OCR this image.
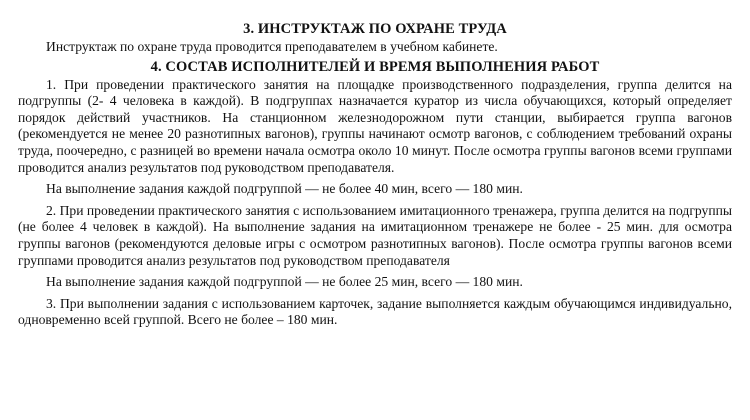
3. ИНСТРУКТАЖ ПО ОХРАНЕ ТРУДА

Инструктаж по охране труда проводится преподавателем в учебном кабинете.

4. СОСТАВ ИСПОЛНИТЕЛЕЙ И ВРЕМЯ ВЫПОЛНЕНИЯ РАБОТ

1. При проведении практического занятия на площадке производственного подразделения, группа делится на подгруппы (2- 4 человека в каждой). В подгруппах назначается куратор из числа обучающихся, который определяет порядок действий участников. На станционном железнодорожном пути станции, выбирается группа вагонов (рекомендуется не менее 20 разнотипных вагонов), группы начинают осмотр вагонов, с соблюдением требований охраны труда, поочередно, с разницей во времени начала осмотра около 10 минут. После осмотра группы вагонов всеми группами проводится анализ результатов под руководством преподавателя.

На выполнение задания каждой подгруппой — не более 40 мин, всего — 180 мин.

2. При проведении практического занятия с использованием имитационного тренажера, группа делится на подгруппы (не более 4 человек в каждой). На выполнение задания на имитационном тренажере не более - 25 мин. для осмотра группы вагонов (рекомендуются деловые игры с осмотром разнотипных вагонов). После осмотра группы вагонов всеми группами проводится анализ результатов под руководством преподавателя

На выполнение задания каждой подгруппой — не более 25 мин, всего — 180 мин.

3. При выполнении задания с использованием карточек, задание выполняется каждым обучающимся индивидуально, одновременно всей группой. Всего не более – 180 мин.
